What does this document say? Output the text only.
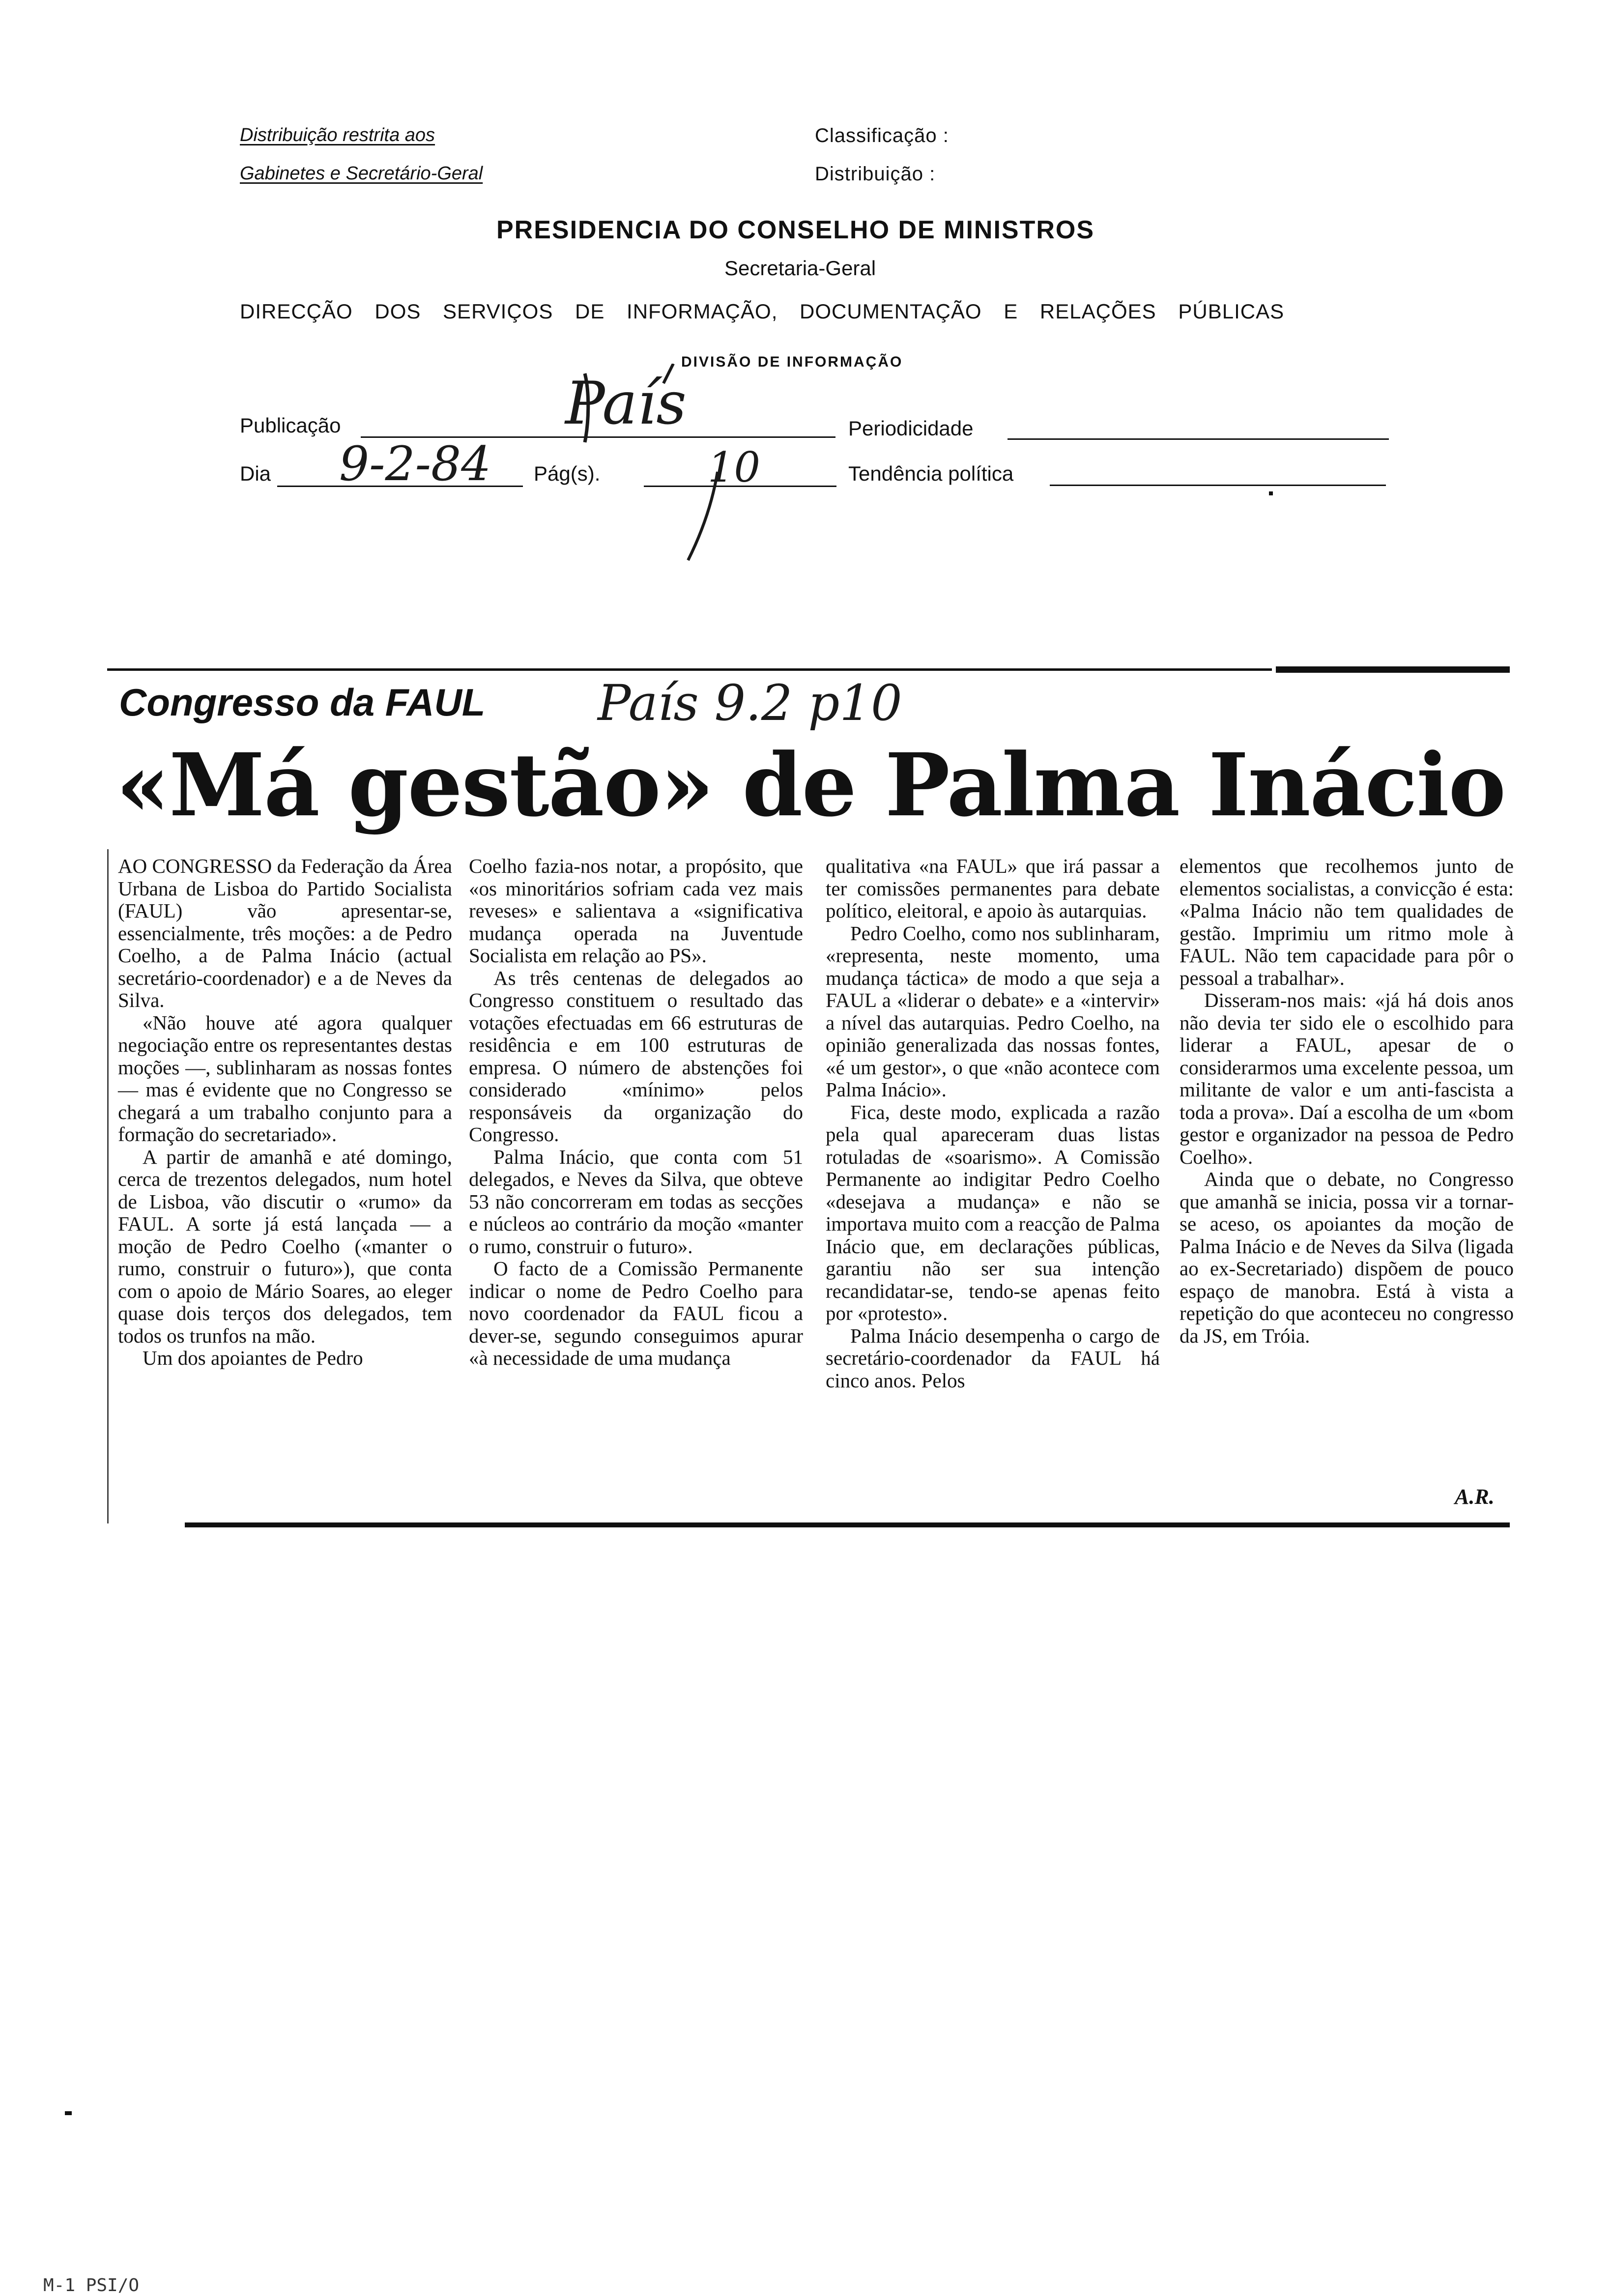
Distribuição restrita aos
Gabinetes e Secretário-Geral
Classificação :
Distribuição :
PRESIDENCIA DO CONSELHO DE MINISTROS
Secretaria-Geral
DIRECÇÃO DOS SERVIÇOS DE INFORMAÇÃO, DOCUMENTAÇÃO E RELAÇÕES PÚBLICAS
DIVISÃO DE INFORMAÇÃO
Publicação	País	Periodicidade
Dia 9-2-84 Pág(s).	10	Tendência política
Congresso da FAUL País 9.2 p10
«Má gestão» de Palma Inácio

AO CONGRESSO da Federação da Área Urbana de Lisboa do Partido Socialista (FAUL) vão apresentar-se, essencialmente, três moções: a de Pedro Coelho, a de Palma Inácio (actual secretário-coordenador) e a de Neves da Silva.

«Não houve até agora qualquer negociação entre os representantes destas moções —, sublinharam as nossas fontes — mas é evidente que no Congresso se chegará a um trabalho conjunto para a formação do secretariado».

A partir de amanhã e até domingo, cerca de trezentos delegados, num hotel de Lisboa, vão discutir o «rumo» da FAUL. A sorte já está lançada — a moção de Pedro Coelho («manter o rumo, construir o futuro»), que conta com o apoio de Mário Soares, ao eleger quase dois terços dos delegados, tem todos os trunfos na mão.

Um dos apoiantes de Pedro

Coelho fazia-nos notar, a propósito, que «os minoritários sofriam cada vez mais reveses» e salientava a «significativa mudança operada na Juventude Socialista em relação ao PS».

As três centenas de delegados ao Congresso constituem o resultado das votações efectuadas em 66 estruturas de residência e em 100 estruturas de empresa. O número de abstenções foi considerado «mínimo» pelos responsáveis da organização do Congresso.

Palma Inácio, que conta com 51 delegados, e Neves da Silva, que obteve 53 não concorreram em todas as secções e núcleos ao contrário da moção «manter o rumo, construir o futuro».

O facto de a Comissão Permanente indicar o nome de Pedro Coelho para novo coordenador da FAUL ficou a dever-se, segundo conseguimos apurar «à necessidade de uma mudança

qualitativa «na FAUL» que irá passar a ter comissões permanentes para debate político, eleitoral, e apoio às autarquias.

Pedro Coelho, como nos sublinharam, «representa, neste momento, uma mudança táctica» de modo a que seja a FAUL a «liderar o debate» e a «intervir» a nível das autarquias. Pedro Coelho, na opinião generalizada das nossas fontes, «é um gestor», o que «não acontece com Palma Inácio».

Fica, deste modo, explicada a razão pela qual apareceram duas listas rotuladas de «soarismo». A Comissão Permanente ao indigitar Pedro Coelho «desejava a mudança» e não se importava muito com a reacção de Palma Inácio que, em declarações públicas, garantiu não ser sua intenção recandidatar-se, tendo-se apenas feito por «protesto».

Palma Inácio desempenha o cargo de secretário-coordenador da FAUL há cinco anos. Pelos

elementos que recolhemos junto de elementos socialistas, a convicção é esta: «Palma Inácio não tem qualidades de gestão. Imprimiu um ritmo mole à FAUL. Não tem capacidade para pôr o pessoal a trabalhar».

Disseram-nos mais: «já há dois anos não devia ter sido ele o escolhido para liderar a FAUL, apesar de o considerarmos uma excelente pessoa, um militante de valor e um anti-fascista a toda a prova». Daí a escolha de um «bom gestor e organizador na pessoa de Pedro Coelho».

Ainda que o debate, no Congresso que amanhã se inicia, possa vir a tornar-se aceso, os apoiantes da moção de Palma Inácio e de Neves da Silva (ligada ao ex-Secretariado) dispõem de pouco espaço de manobra. Está à vista a repetição do que aconteceu no congresso da JS, em Tróia.

A.R.
M-1 PSI/O
